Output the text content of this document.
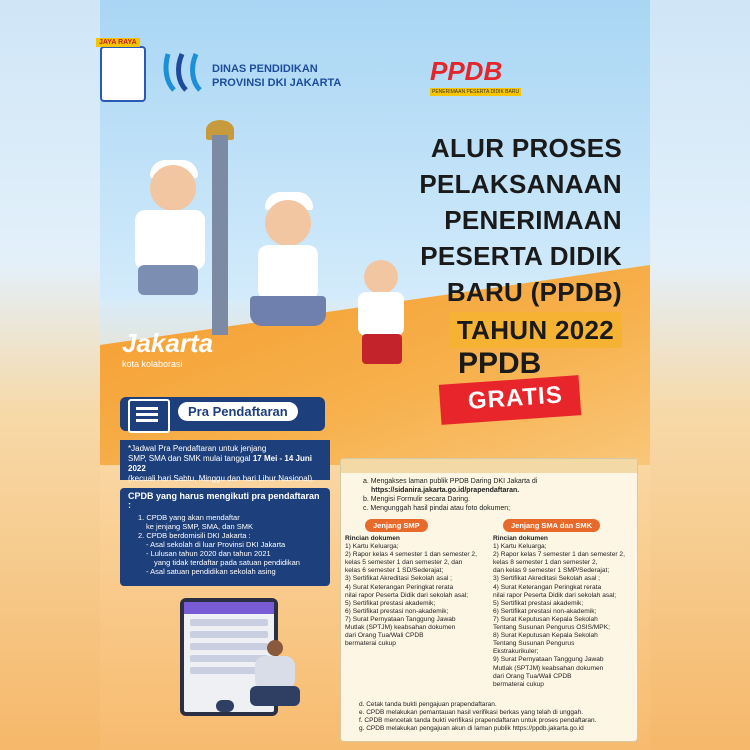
JAYA RAYA
DINAS PENDIDIKAN
PROVINSI DKI JAKARTA	PPDB
PENERIMAAN PESERTA DIDIK BARU
ALUR PROSES
PELAKSANAAN
PENERIMAAN
PESERTA DIDIK
BARU (PPDB)
TAHUN 2022
PPDB
GRATIS
Jakarta
kota kolaborasi
Pra Pendaftaran
*Jadwal Pra Pendaftaran untuk jenjang
SMP, SMA dan SMK mulai tanggal 17 Mei - 14 Juni 2022
(kecuali hari Sabtu, Minggu dan hari Libur Nasional).
CPDB yang harus mengikuti pra pendaftaran :
1. CPDB yang akan mendaftar
ke jenjang SMP, SMA, dan SMK
2. CPDB berdomisili DKI Jakarta :
- Asal sekolah di luar Provinsi DKI Jakarta
- Lulusan tahun 2020 dan tahun 2021
yang tidak terdaftar pada satuan pendidikan
- Asal satuan pendidikan sekolah asing
a. Mengakses laman publik PPDB Daring DKI Jakarta di
https://sidanira.jakarta.go.id/prapendaftaran.
b. Mengisi Formulir secara Daring.
c. Mengunggah hasil pindai atau foto dokumen;
Jenjang SMP
Rincian dokumen
1) Kartu Keluarga;
2) Rapor kelas 4 semester 1 dan semester 2,
kelas 5 semester 1 dan semester 2, dan
kelas 6 semester 1 SD/Sederajat;
3) Sertifikat Akreditasi Sekolah asal ;
4) Surat Keterangan Peringkat rerata
nilai rapor Peserta Didik dari sekolah asal;
5) Sertifikat prestasi akademik;
6) Sertifikat prestasi non-akademik;
7) Surat Pernyataan Tanggung Jawab
Mutlak (SPTJM) keabsahan dokumen
dari Orang Tua/Wali CPDB
bermaterai cukup
Jenjang SMA dan SMK
Rincian dokumen
1) Kartu Keluarga;
2) Rapor kelas 7 semester 1 dan semester 2,
kelas 8 semester 1 dan semester 2,
dan kelas 9 semester 1 SMP/Sederajat;
3) Sertifikat Akreditasi Sekolah asal ;
4) Surat Keterangan Peringkat rerata
nilai rapor Peserta Didik dari sekolah asal;
5) Sertifikat prestasi akademik;
6) Sertifikat prestasi non-akademik;
7) Surat Keputusan Kepala Sekolah
Tentang Susunan Pengurus OSIS/MPK;
8) Surat Keputusan Kepala Sekolah
Tentang Susunan Pengurus
Ekstrakurikuler;
9) Surat Pernyataan Tanggung Jawab
Mutlak (SPTJM) keabsahan dokumen
dari Orang Tua/Wali CPDB
bermaterai cukup
d. Cetak tanda bukti pengajuan prapendaftaran.
e. CPDB melakukan pemantauan hasil verifikasi berkas yang telah di unggah.
f. CPDB mencetak tanda bukti verifikasi prapendaftaran untuk proses pendaftaran.
g. CPDB melakukan pengajuan akun di laman publik https://ppdb.jakarta.go.id
